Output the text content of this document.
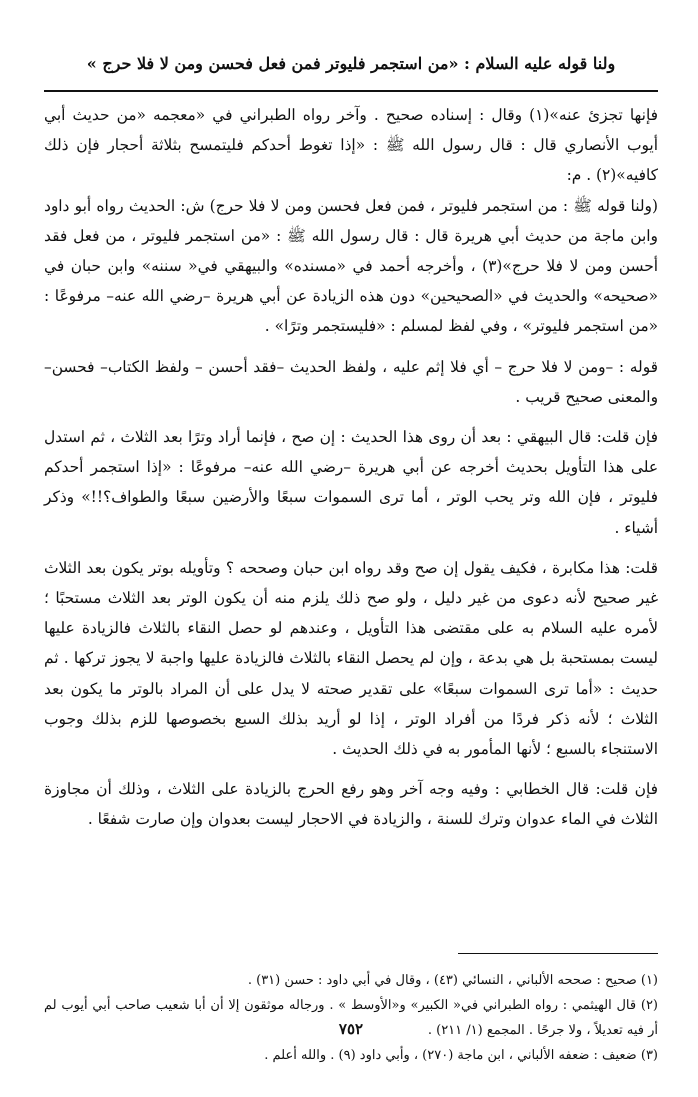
ولنا قوله عليه السلام : «من استجمر فليوتر فمن فعل فحسن ومن لا فلا حرج »

فإنها تجزئ عنه»(١) وقال : إسناده صحيح . وآخر رواه الطبراني في «معجمه «من حديث أبي أيوب الأنصاري قال : قال رسول الله ﷺ : «إذا تغوط أحدكم فليتمسح بثلاثة أحجار فإن ذلك كافيه»(٢) . م:

(ولنا قوله ﷺ : من استجمر فليوتر ، فمن فعل فحسن ومن لا فلا حرج) ش: الحديث رواه أبو داود وابن ماجة من حديث أبي هريرة قال : قال رسول الله ﷺ : «من استجمر فليوتر ، من فعل فقد أحسن ومن لا فلا حرج»(٣) ، وأخرجه أحمد في «مسنده» والبيهقي في« سننه» وابن حبان في «صحيحه» والحديث في «الصحيحين» دون هذه الزيادة عن أبي هريرة –رضي الله عنه– مرفوعًا : «من استجمر فليوتر» ، وفي لفظ لمسلم : «فليستجمر وترًا» .

قوله : –ومن لا فلا حرج – أي فلا إثم عليه ، ولفظ الحديث –فقد أحسن – ولفظ الكتاب– فحسن– والمعنى صحيح قريب .

فإن قلت: قال البيهقي : بعد أن روى هذا الحديث : إن صح ، فإنما أراد وترًا بعد الثلاث ، ثم استدل على هذا التأويل بحديث أخرجه عن أبي هريرة –رضي الله عنه– مرفوعًا : «إذا استجمر أحدكم فليوتر ، فإن الله وتر يحب الوتر ، أما ترى السموات سبعًا والأرضين سبعًا والطواف؟!!» وذكر أشياء .

قلت: هذا مكابرة ، فكيف يقول إن صح وقد رواه ابن حبان وصححه ؟ وتأويله بوتر يكون بعد الثلاث غير صحيح لأنه دعوى من غير دليل ، ولو صح ذلك يلزم منه أن يكون الوتر بعد الثلاث مستحبًا ؛ لأمره عليه السلام به على مقتضى هذا التأويل ، وعندهم لو حصل النقاء بالثلاث فالزيادة عليها ليست بمستحبة بل هي بدعة ، وإن لم يحصل النقاء بالثلاث فالزيادة عليها واجبة لا يجوز تركها . ثم حديث : «أما ترى السموات سبعًا» على تقدير صحته لا يدل على أن المراد بالوتر ما يكون بعد الثلاث ؛ لأنه ذكر فردًا من أفراد الوتر ، إذا لو أريد بذلك السبع بخصوصها للزم بذلك وجوب الاستنجاء بالسبع ؛ لأنها المأمور به في ذلك الحديث .

فإن قلت: قال الخطابي : وفيه وجه آخر وهو رفع الحرج بالزيادة على الثلاث ، وذلك أن مجاوزة الثلاث في الماء عدوان وترك للسنة ، والزيادة في الاحجار ليست بعدوان وإن صارت شفعًا .

(١) صحيح : صححه الألباني ، النسائي (٤٣) ، وقال في أبي داود : حسن (٣١) .

(٢) قال الهيثمي : رواه الطبراني في« الكبير» و«الأوسط » . ورجاله موثقون إلا أن أبا شعيب صاحب أبي أيوب لم أر فيه تعديلاً ، ولا جرحًا . المجمع (١/ ٢١١) .

(٣) ضعيف : ضعفه الألباني ، ابن ماجة (٢٧٠) ، وأبي داود (٩) . والله أعلم .

٧٥٢
